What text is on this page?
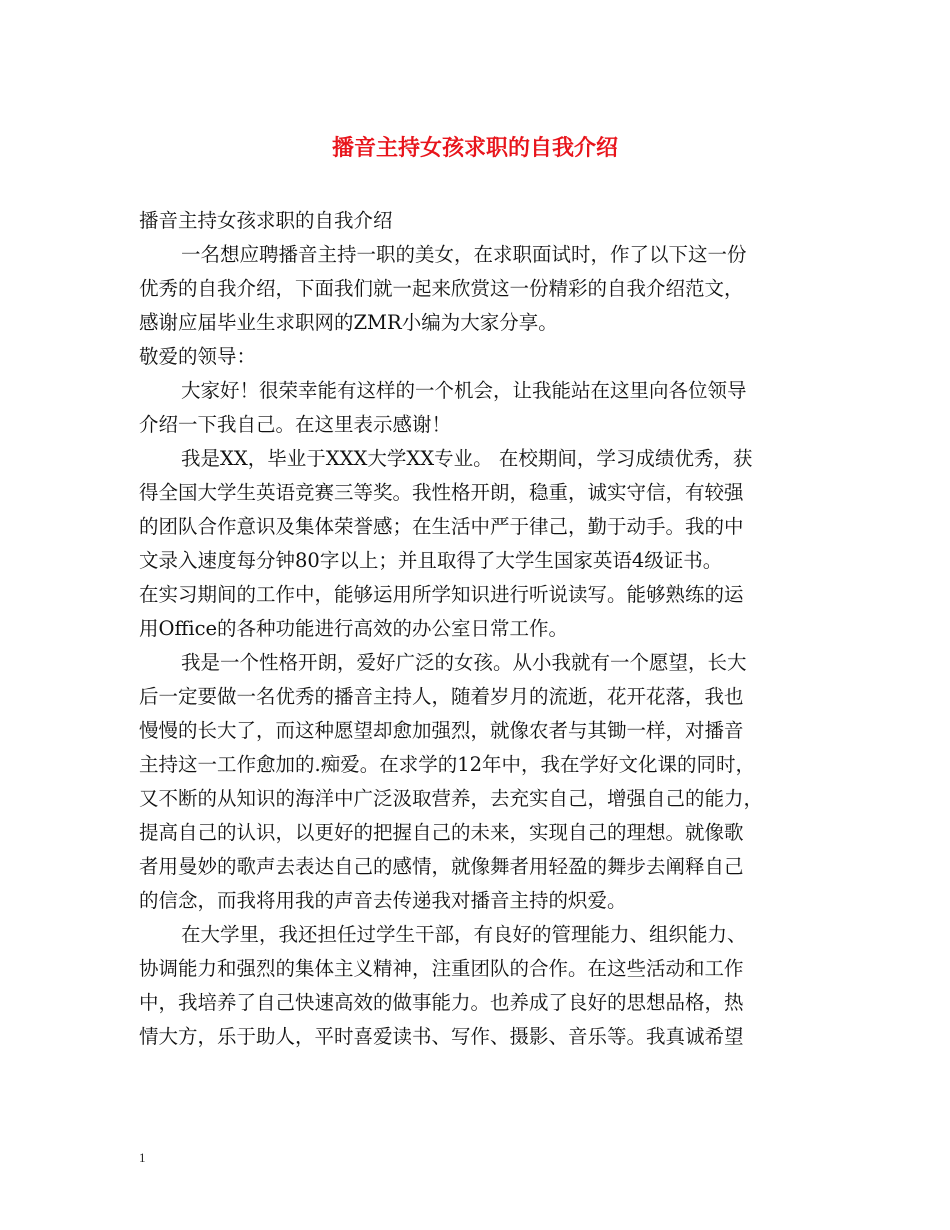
播音主持女孩求职的自我介绍

播音主持女孩求职的自我介绍

一名想应聘播音主持一职的美女，在求职面试时，作了以下这一份

优秀的自我介绍，下面我们就一起来欣赏这一份精彩的自我介绍范文，

感谢应届毕业生求职网的ZMR小编为大家分享。

敬爱的领导：

大家好！很荣幸能有这样的一个机会，让我能站在这里向各位领导

介绍一下我自己。在这里表示感谢！

我是XX，毕业于XXX大学XX专业。 在校期间，学习成绩优秀，获

得全国大学生英语竞赛三等奖。我性格开朗，稳重，诚实守信，有较强

的团队合作意识及集体荣誉感；在生活中严于律己，勤于动手。我的中

文录入速度每分钟80字以上；并且取得了大学生国家英语4级证书。

在实习期间的工作中，能够运用所学知识进行听说读写。能够熟练的运

用Office的各种功能进行高效的办公室日常工作。

我是一个性格开朗，爱好广泛的女孩。从小我就有一个愿望，长大

后一定要做一名优秀的播音主持人，随着岁月的流逝，花开花落，我也

慢慢的长大了，而这种愿望却愈加强烈，就像农者与其锄一样，对播音

主持这一工作愈加的.痴爱。在求学的12年中，我在学好文化课的同时，

又不断的从知识的海洋中广泛汲取营养，去充实自己，增强自己的能力，

提高自己的认识，以更好的把握自己的未来，实现自己的理想。就像歌

者用曼妙的歌声去表达自己的感情，就像舞者用轻盈的舞步去阐释自己

的信念，而我将用我的声音去传递我对播音主持的炽爱。

在大学里，我还担任过学生干部，有良好的管理能力、组织能力、

协调能力和强烈的集体主义精神，注重团队的合作。在这些活动和工作

中，我培养了自己快速高效的做事能力。也养成了良好的思想品格，热

情大方，乐于助人，平时喜爱读书、写作、摄影、音乐等。我真诚希望

1
